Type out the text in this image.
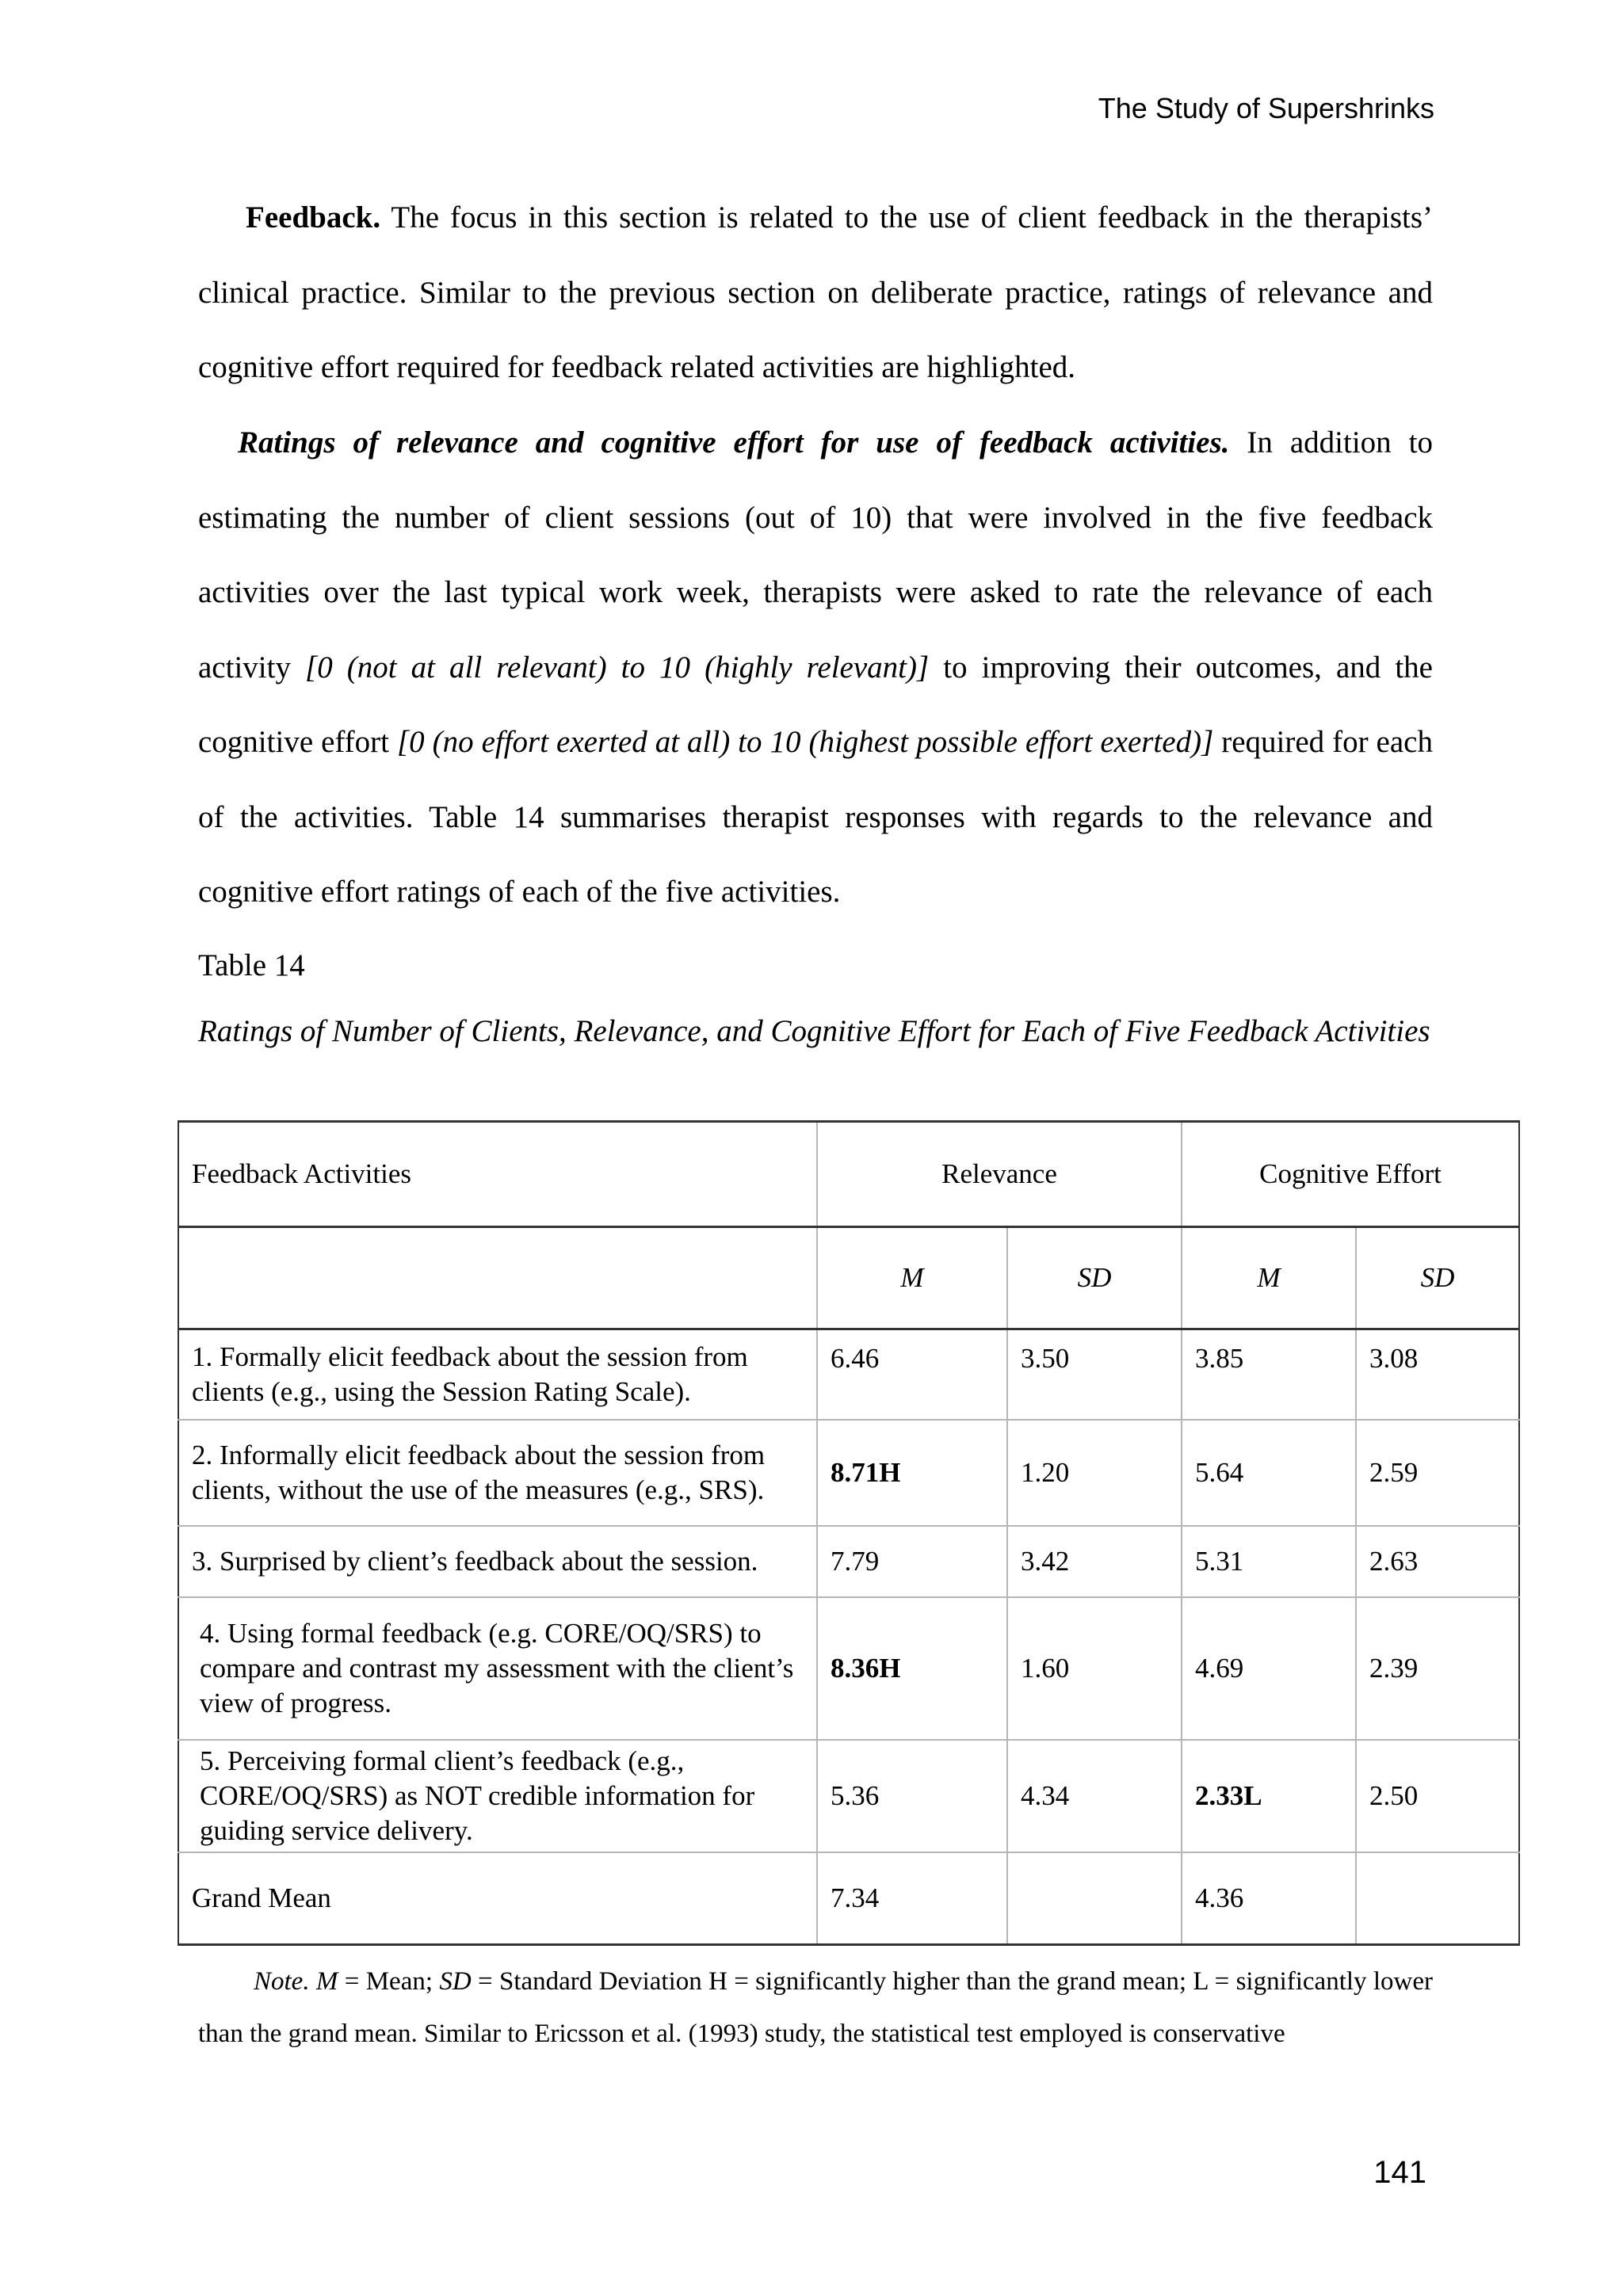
The Study of Supershrinks

Feedback. The focus in this section is related to the use of client feedback in the therapists’ clinical practice. Similar to the previous section on deliberate practice, ratings of relevance and cognitive effort required for feedback related activities are highlighted.

Ratings of relevance and cognitive effort for use of feedback activities. In addition to estimating the number of client sessions (out of 10) that were involved in the five feedback activities over the last typical work week, therapists were asked to rate the relevance of each activity [0 (not at all relevant) to 10 (highly relevant)] to improving their outcomes, and the cognitive effort [0 (no effort exerted at all) to 10 (highest possible effort exerted)] required for each of the activities. Table 14 summarises therapist responses with regards to the relevance and cognitive effort ratings of each of the five activities.

Table 14

Ratings of Number of Clients, Relevance, and Cognitive Effort for Each of Five Feedback Activities

Feedback Activities	Relevance		Cognitive Effort	
	M	SD	M	SD
1. Formally elicit feedback about the session from clients (e.g., using the Session Rating Scale).	6.46	3.50	3.85	3.08
2. Informally elicit feedback about the session from clients, without the use of the measures (e.g., SRS).	8.71H	1.20	5.64	2.59
3. Surprised by client’s feedback about the session.	7.79	3.42	5.31	2.63
4. Using formal feedback (e.g. CORE/OQ/SRS) to compare and contrast my assessment with the client’s view of progress.	8.36H	1.60	4.69	2.39
5. Perceiving formal client’s feedback (e.g., CORE/OQ/SRS) as NOT credible information for guiding service delivery.	5.36	4.34	2.33L	2.50
Grand Mean	7.34		4.36	

Note. M = Mean; SD = Standard Deviation H = significantly higher than the grand mean; L = significantly lower than the grand mean. Similar to Ericsson et al. (1993) study, the statistical test employed is conservative

141
